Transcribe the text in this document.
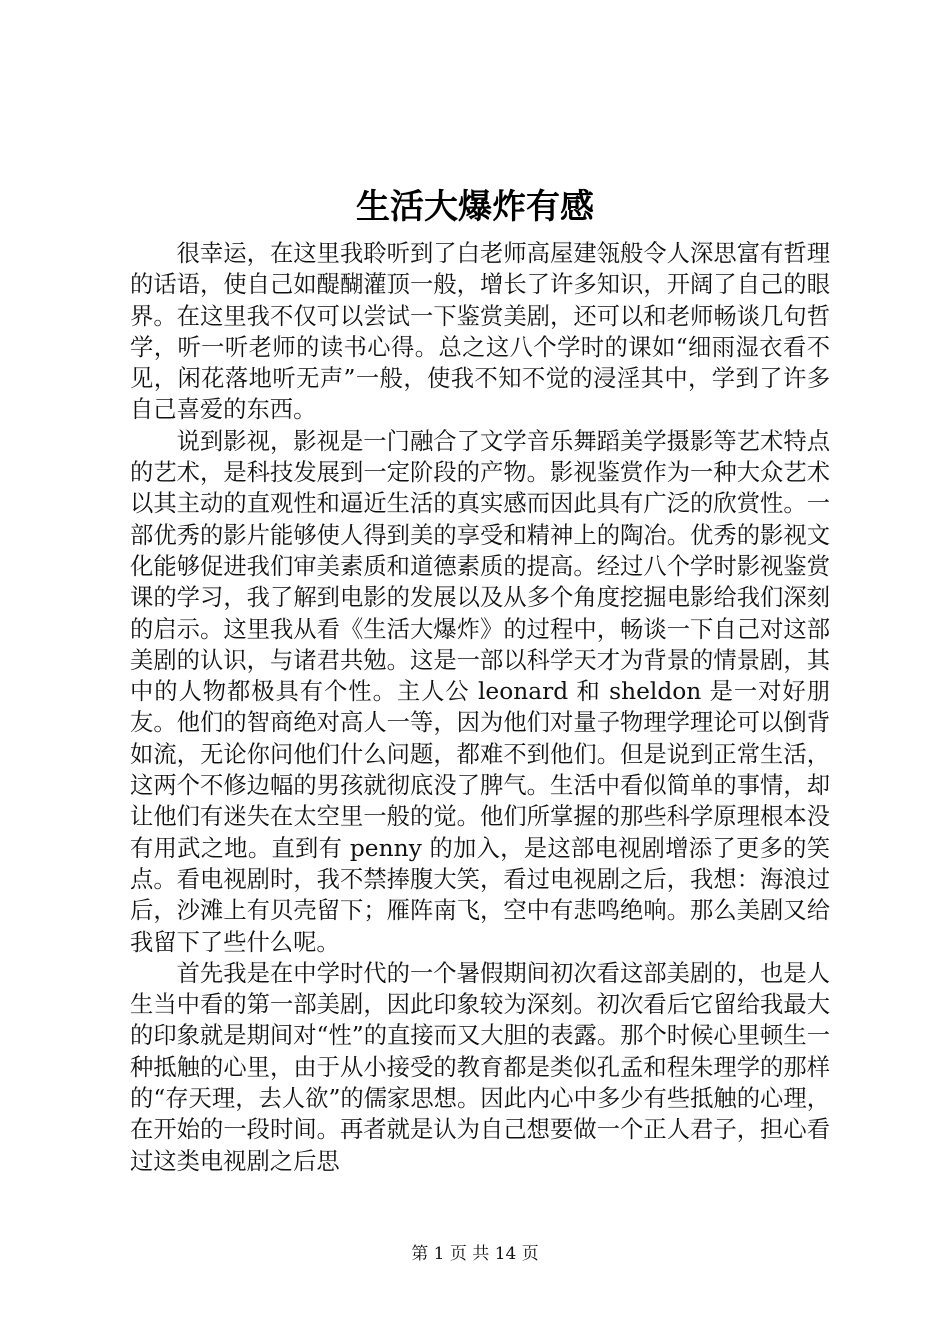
生活大爆炸有感

很幸运，在这里我聆听到了白老师高屋建瓴般令人深思富有哲理的话语，使自己如醍醐灌顶一般，增长了许多知识，开阔了自己的眼界。在这里我不仅可以尝试一下鉴赏美剧，还可以和老师畅谈几句哲学，听一听老师的读书心得。总之这八个学时的课如“细雨湿衣看不见，闲花落地听无声”一般，使我不知不觉的浸淫其中，学到了许多自己喜爱的东西。

说到影视，影视是一门融合了文学音乐舞蹈美学摄影等艺术特点的艺术，是科技发展到一定阶段的产物。影视鉴赏作为一种大众艺术以其主动的直观性和逼近生活的真实感而因此具有广泛的欣赏性。一部优秀的影片能够使人得到美的享受和精神上的陶冶。优秀的影视文化能够促进我们审美素质和道德素质的提高。经过八个学时影视鉴赏课的学习，我了解到电影的发展以及从多个角度挖掘电影给我们深刻的启示。这里我从看《生活大爆炸》的过程中，畅谈一下自己对这部美剧的认识，与诸君共勉。这是一部以科学天才为背景的情景剧，其中的人物都极具有个性。主人公 leonard 和 sheldon 是一对好朋友。他们的智商绝对高人一等，因为他们对量子物理学理论可以倒背如流，无论你问他们什么问题，都难不到他们。但是说到正常生活，这两个不修边幅的男孩就彻底没了脾气。生活中看似简单的事情，却让他们有迷失在太空里一般的觉。他们所掌握的那些科学原理根本没有用武之地。直到有 penny 的加入，是这部电视剧增添了更多的笑点。看电视剧时，我不禁捧腹大笑，看过电视剧之后，我想：海浪过后，沙滩上有贝壳留下；雁阵南飞，空中有悲鸣绝响。那么美剧又给我留下了些什么呢。

首先我是在中学时代的一个暑假期间初次看这部美剧的，也是人生当中看的第一部美剧，因此印象较为深刻。初次看后它留给我最大的印象就是期间对“性”的直接而又大胆的表露。那个时候心里顿生一种抵触的心里，由于从小接受的教育都是类似孔孟和程朱理学的那样的“存天理，去人欲”的儒家思想。因此内心中多少有些抵触的心理，在开始的一段时间。再者就是认为自己想要做一个正人君子，担心看过这类电视剧之后思

第 1 页 共 14 页
